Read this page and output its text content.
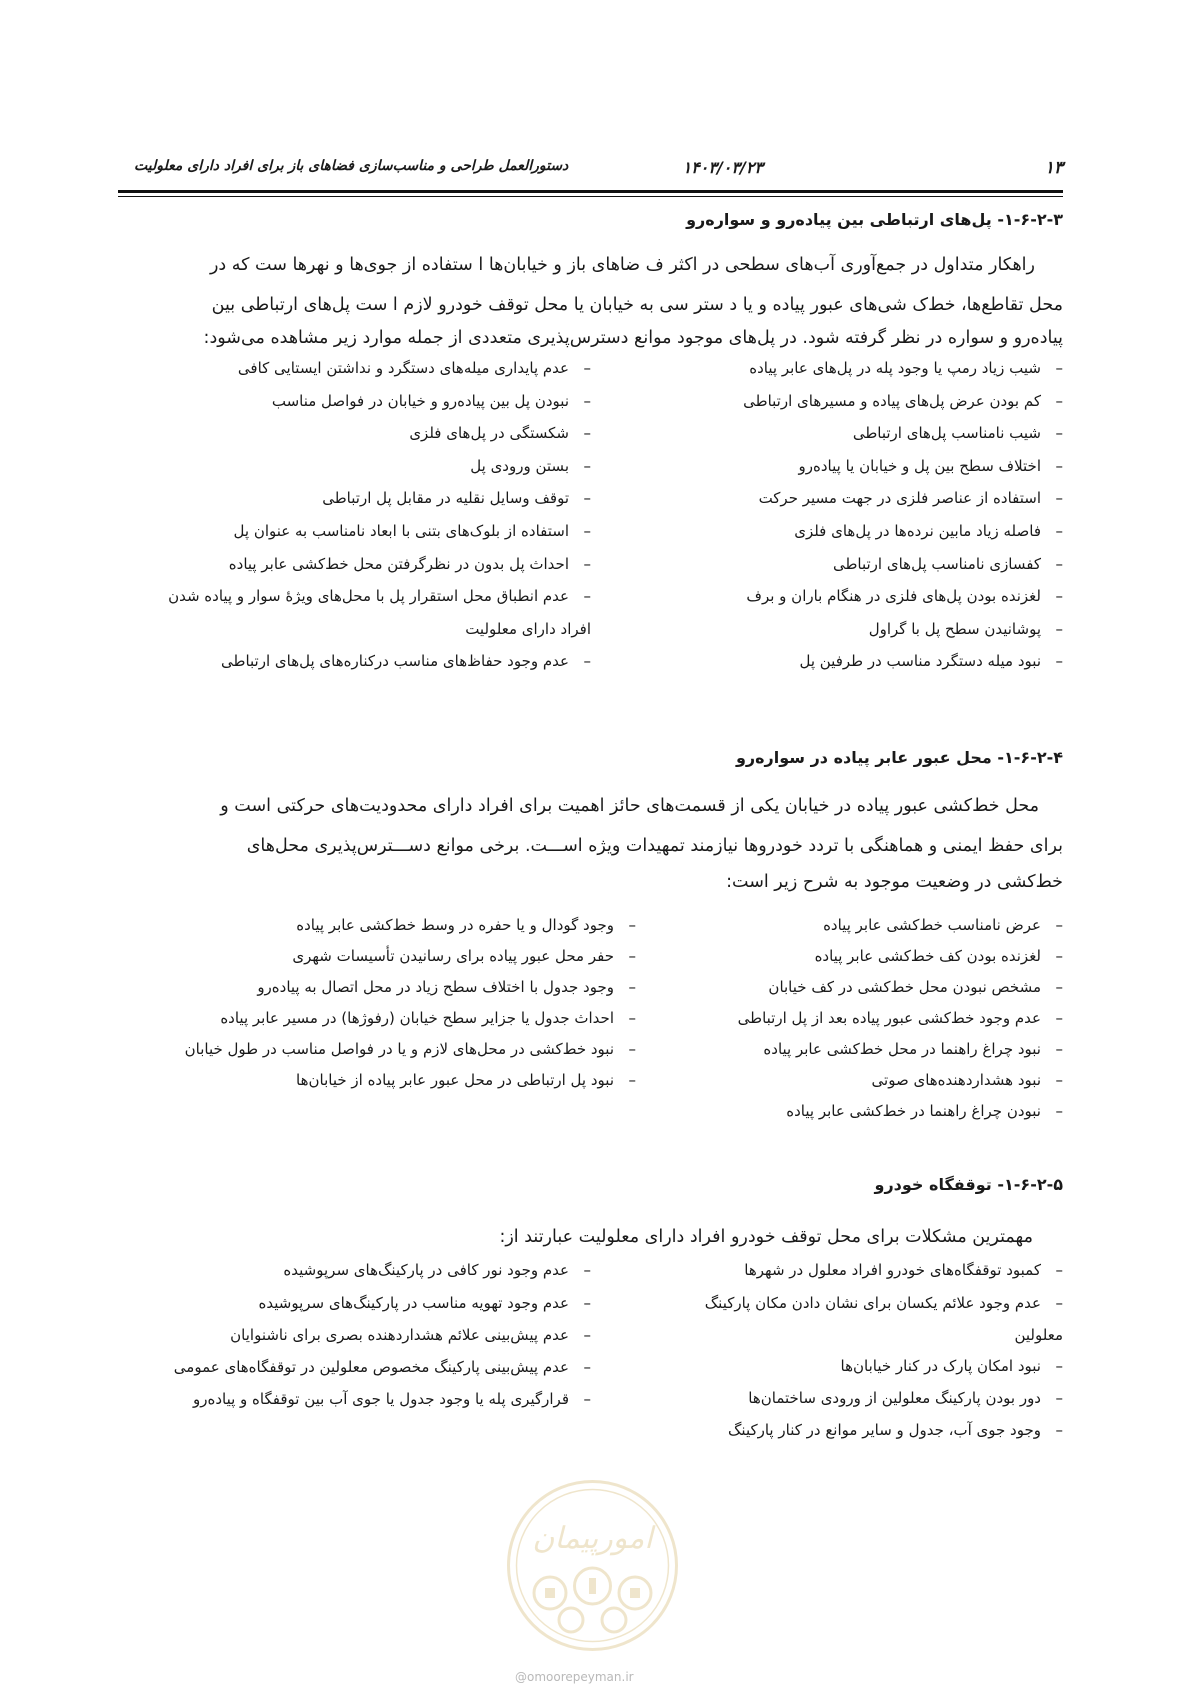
۱۳
۱۴۰۳/۰۳/۲۳
دستورالعمل طراحی و مناسب‌سازی فضاهای باز برای افراد دارای معلولیت
۱-۶-۲-۳- پل‌های ارتباطی بین پیاده‌رو و سواره‌رو
راهکار متداول در جمع‌آوری آب‌های سطحی در اکثر ف ضاهای باز و خیابان‌ها ا ستفاده از جوی‌ها و نهرها ست که در
محل تقاطع‌ها، خط‌ک شی‌های عبور پیاده و یا د ستر سی به خیابان یا محل توقف خودرو لازم ا ست پل‌های ارتباطی بین
پیاده‌رو و سواره در نظر گرفته شود. در پل‌های موجود موانع دسترس‌پذیری متعددی از جمله موارد زیر مشاهده می‌شود:
–شیب زیاد رمپ یا وجود پله در پل‌های عابر پیاده
–کم بودن عرض پل‌های پیاده و مسیرهای ارتباطی
–شیب نامناسب پل‌های ارتباطی
–اختلاف سطح بین پل و خیابان یا پیاده‌رو
–استفاده از عناصر فلزی در جهت مسیر حرکت
–فاصله زیاد مابین نرده‌ها در پل‌های فلزی
–کفسازی نامناسب پل‌های ارتباطی
–لغزنده بودن پل‌های فلزی در هنگام باران و برف
–پوشانیدن سطح پل با گراول
–نبود میله دستگرد مناسب در طرفین پل
–عدم پایداری میله‌های دستگرد و نداشتن ایستایی کافی
–نبودن پل بین پیاده‌رو و خیابان در فواصل مناسب
–شکستگی در پل‌های فلزی
–بستن ورودی پل
–توقف وسایل نقلیه در مقابل پل ارتباطی
–استفاده از بلوک‌های بتنی با ابعاد نامناسب به عنوان پل
–احداث پل بدون در نظرگرفتن محل خط‌کشی عابر پیاده
–عدم انطباق محل استقرار پل با محل‌های ویژۀ سوار و پیاده شدن
افراد دارای معلولیت
–عدم وجود حفاظ‌های مناسب درکناره‌های پل‌های ارتباطی
۱-۶-۲-۴- محل عبور عابر پیاده در سواره‌رو
محل خط‌کشی عبور پیاده در خیابان یکی از قسمت‌های حائز اهمیت برای افراد دارای محدودیت‌های حرکتی است و
برای حفظ ایمنی و هماهنگی با تردد خودروها نیازمند تمهیدات ویژه اســـت. برخی موانع دســـترس‌پذیری محل‌های
خط‌کشی در وضعیت موجود به شرح زیر است:
–عرض نامناسب خط‌کشی عابر پیاده
–لغزنده بودن کف خط‌کشی عابر پیاده
–مشخص نبودن محل خط‌کشی در کف خیابان
–عدم وجود خط‌کشی عبور پیاده بعد از پل ارتباطی
–نبود چراغ راهنما در محل خط‌کشی عابر پیاده
–نبود هشداردهنده‌های صوتی
–نبودن چراغ راهنما در خط‌کشی عابر پیاده
–وجود گودال و یا حفره در وسط خط‌کشی عابر پیاده
–حفر محل عبور پیاده برای رسانیدن تأسیسات شهری
–وجود جدول با اختلاف سطح زیاد در محل اتصال به پیاده‌رو
–احداث جدول یا جزایر سطح خیابان (رفوژها) در مسیر عابر پیاده
–نبود خط‌کشی در محل‌های لازم و یا در فواصل مناسب در طول خیابان
–نبود پل ارتباطی در محل عبور عابر پیاده از خیابان‌ها
۱-۶-۲-۵- توقفگاه خودرو
مهمترین مشکلات برای محل توقف خودرو افراد دارای معلولیت عبارتند از:
–کمبود توقفگاه‌های خودرو افراد معلول در شهرها
–عدم وجود علائم یکسان برای نشان دادن مکان پارکینگ
معلولین
–نبود امکان پارک در کنار خیابان‌ها
–دور بودن پارکینگ معلولین از ورودی ساختمان‌ها
–وجود جوی آب، جدول و سایر موانع در کنار پارکینگ
–عدم وجود نور کافی در پارکینگ‌های سرپوشیده
–عدم وجود تهویه مناسب در پارکینگ‌های سرپوشیده
–عدم پیش‌بینی علائم هشداردهنده بصری برای ناشنوایان
–عدم پیش‌بینی پارکینگ مخصوص معلولین در توقفگاه‌های عمومی
–قرارگیری پله یا وجود جدول یا جوی آب بین توقفگاه و پیاده‌رو
امورپیمان
@omoorepeyman.ir
